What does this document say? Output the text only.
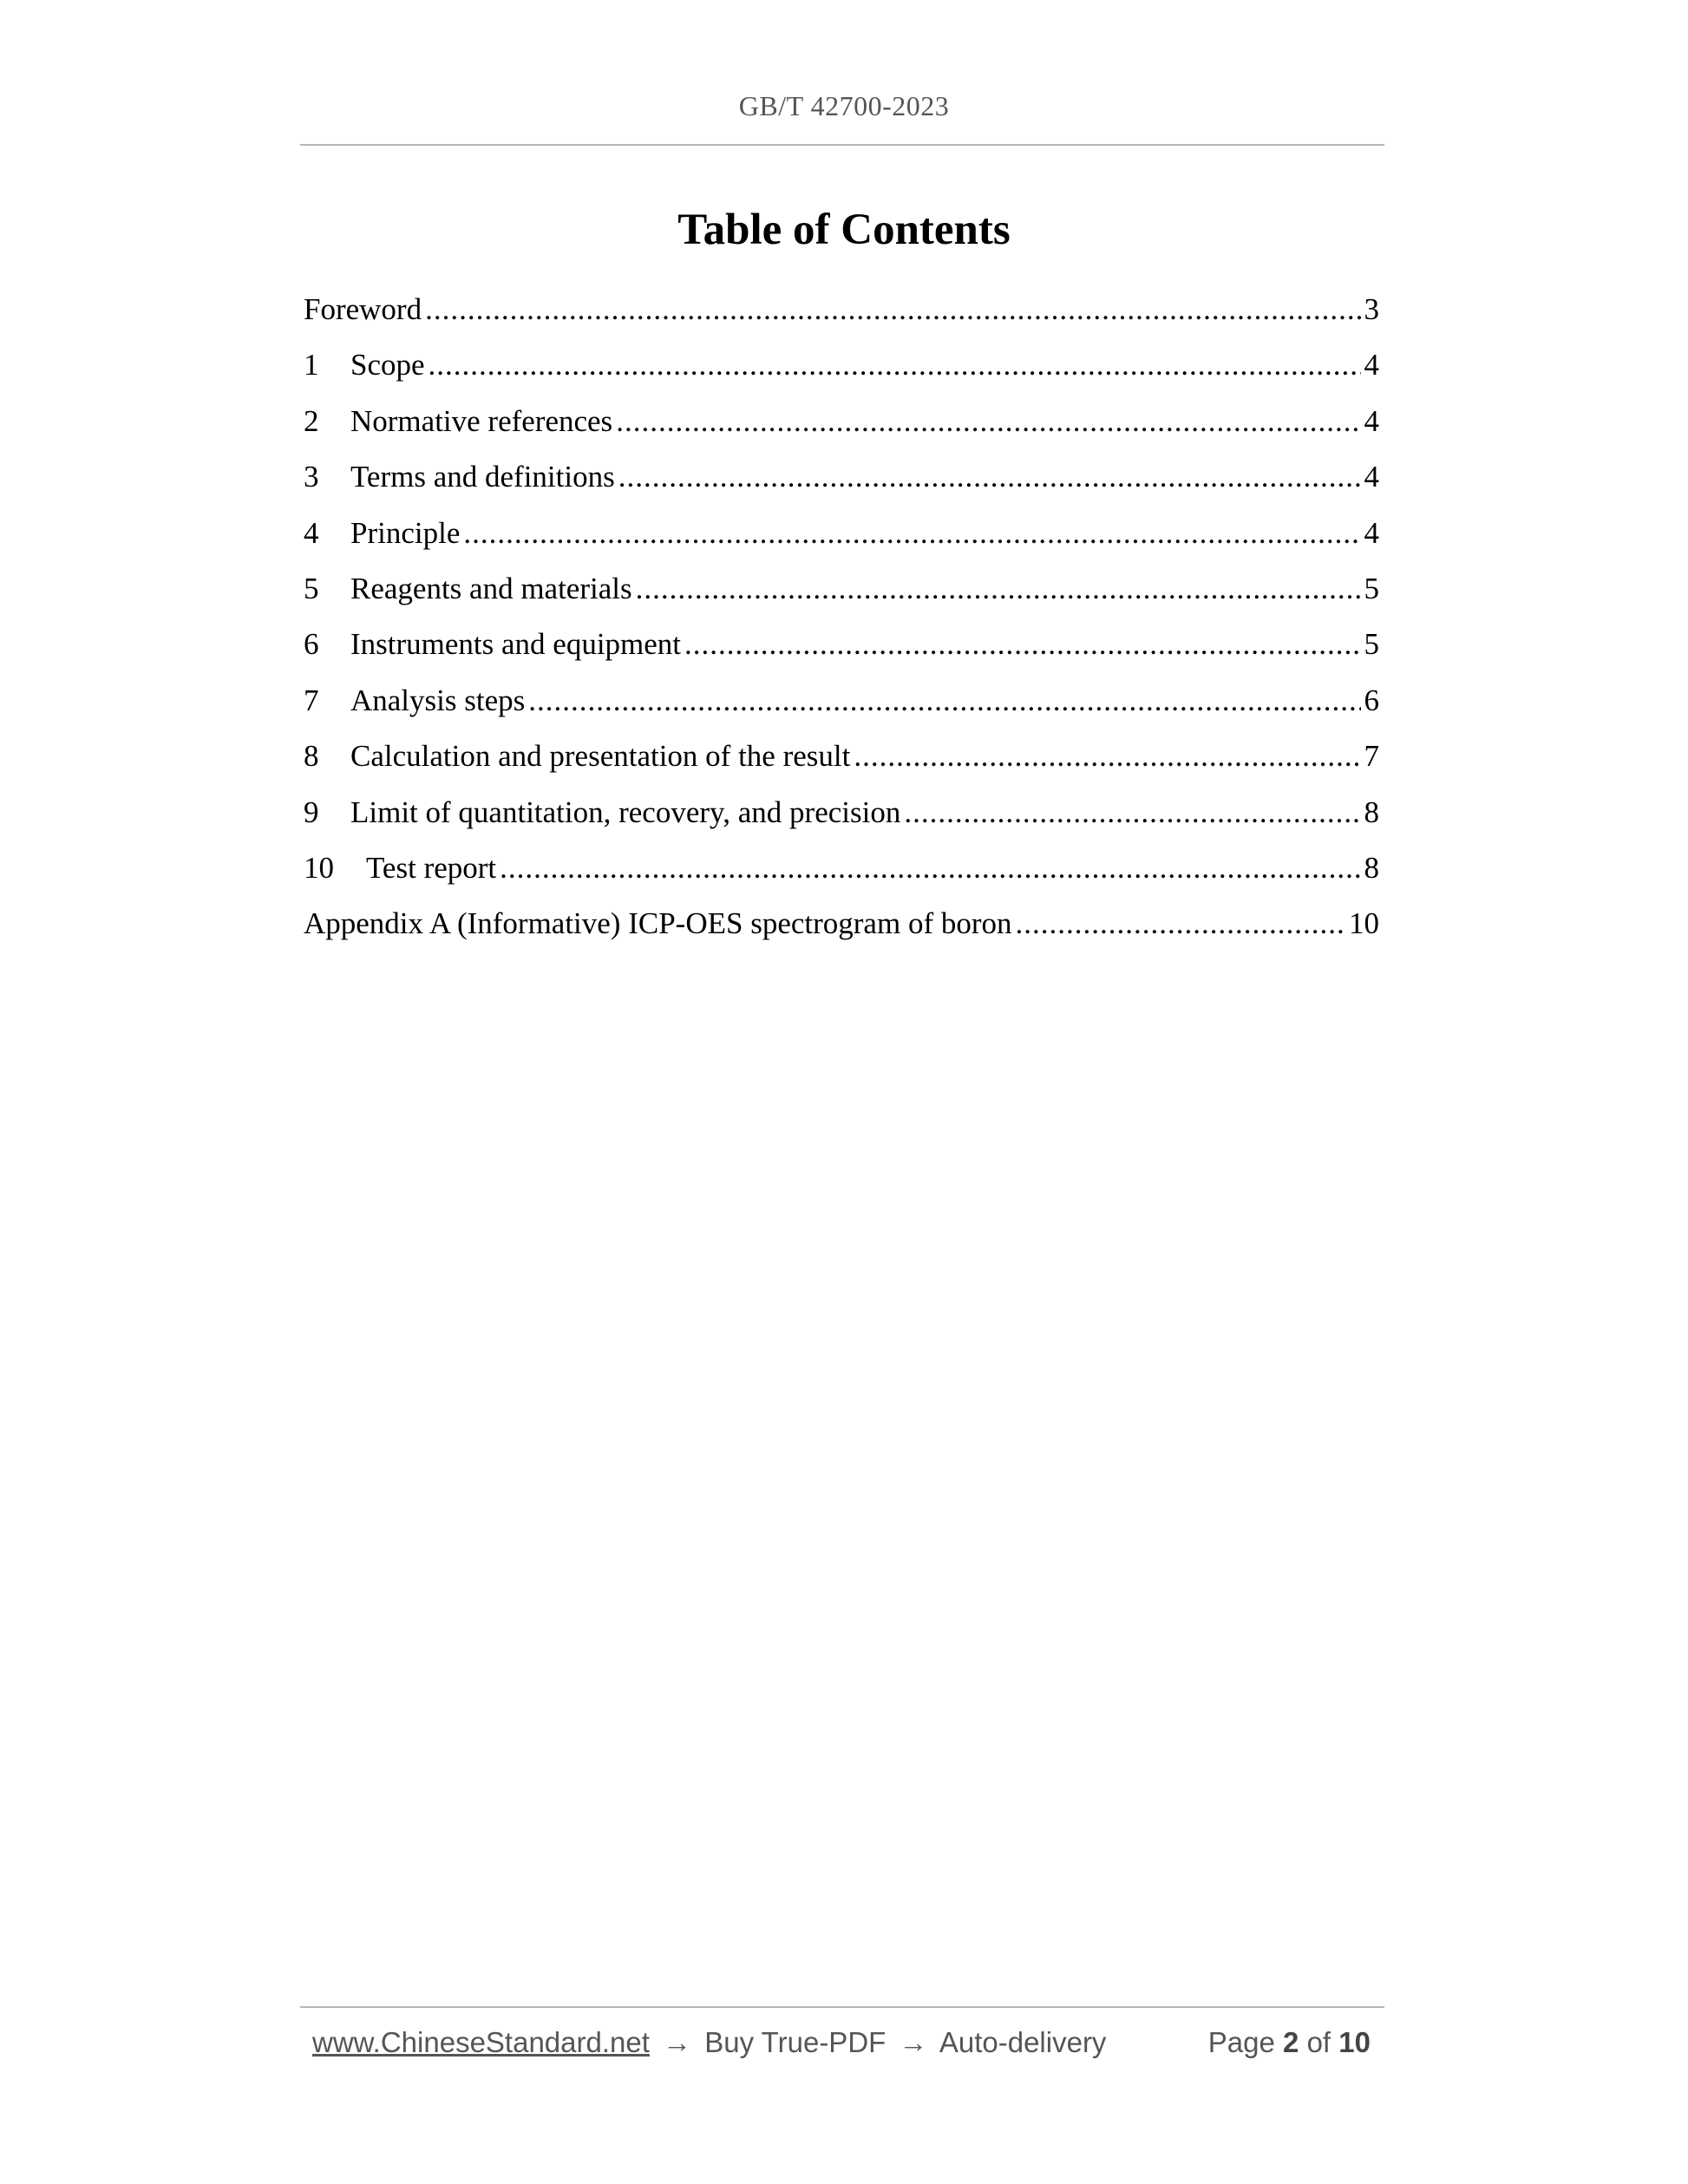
GB/T 42700-2023
Table of Contents
Foreword .....	3
1	Scope .....	4
2	Normative references .....	4
3	Terms and definitions .....	4
4	Principle .....	4
5	Reagents and materials .....	5
6	Instruments and equipment .....	5
7	Analysis steps .....	6
8	Calculation and presentation of the result .....	7
9	Limit of quantitation, recovery, and precision .....	8
10	Test report .....	8
Appendix A (Informative) ICP-OES spectrogram of boron .....	10
www.ChineseStandard.net → Buy True-PDF → Auto-delivery	Page 2 of 10
